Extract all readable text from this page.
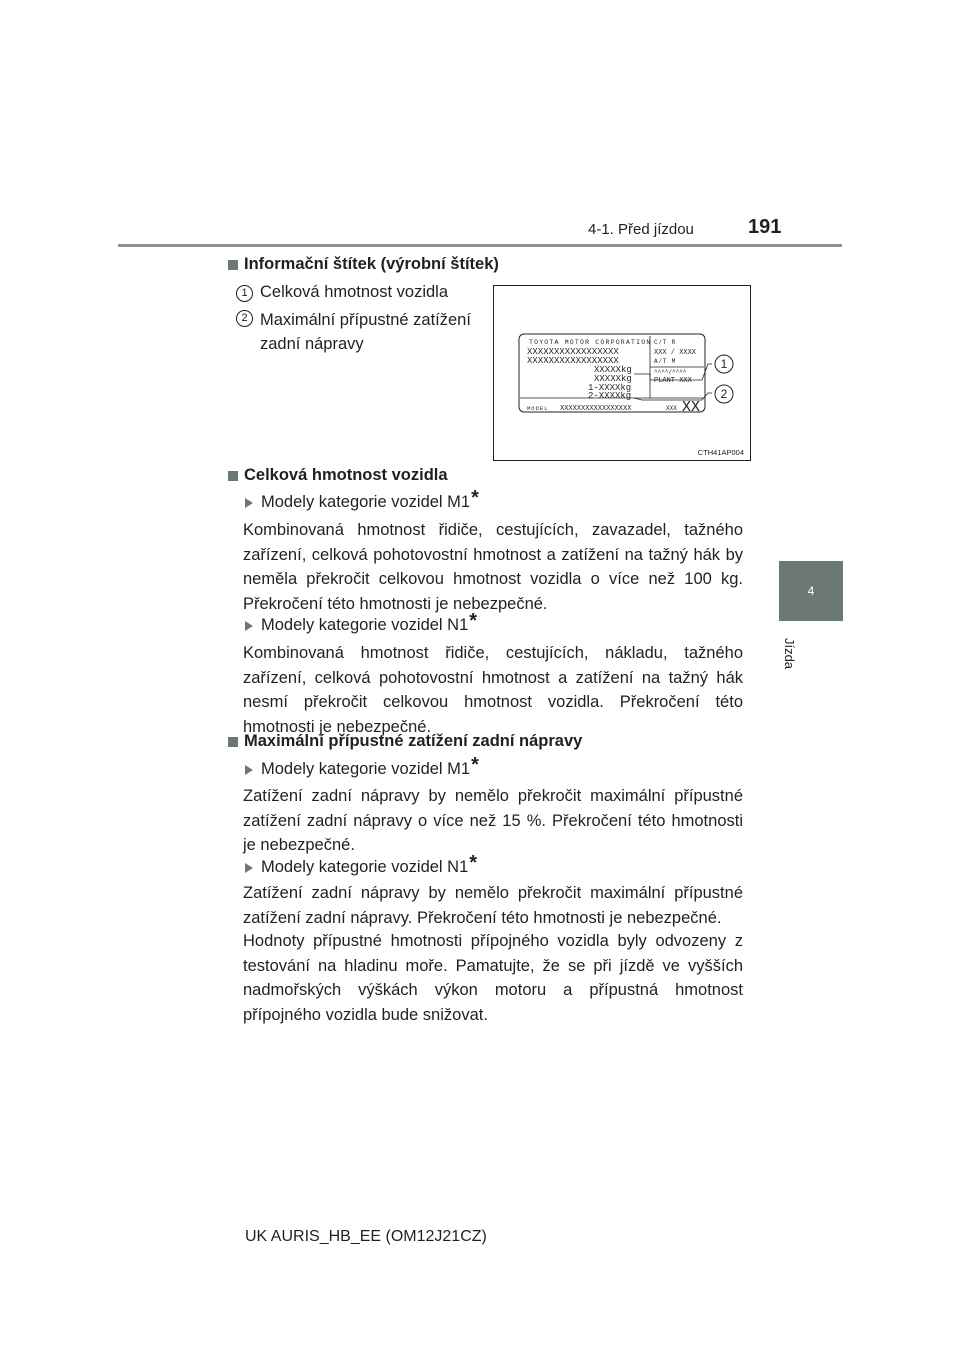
4-1. Před jízdou	191
4
Jízda
Informační štítek (výrobní štítek)
1 Celková hmotnost vozidla
2 Maximální přípustné zatížení
zadní nápravy	TOYOTA MOTOR CORPORATION
XXXXXXXXXXXXXXXXX
XXXXXXXXXXXXXXXXX
XXXXXkg
XXXXXkg
1-XXXXkg
2-XXXXkg
C/T R
XXX / XXXX
A/T M
^^^^/^^^^
PLANT XXX
MODEL XXXXXXXXXXXXXXXXX	XXX XX
1
2
CTH41AP004
Celková hmotnost vozidla
Modely kategorie vozidel M1*
Kombinovaná hmotnost řidiče, cestujících, zavazadel, tažného zařízení, celková pohotovostní hmotnost a zatížení na tažný hák by neměla překročit celkovou hmotnost vozidla o více než 100 kg. Překročení této hmotnosti je nebezpečné.
Modely kategorie vozidel N1*
Kombinovaná hmotnost řidiče, cestujících, nákladu, tažného zařízení, celková pohotovostní hmotnost a zatížení na tažný hák nesmí překročit celkovou hmotnost vozidla. Překročení této hmotnosti je nebezpečné.
Maximální přípustné zatížení zadní nápravy
Modely kategorie vozidel M1*
Zatížení zadní nápravy by nemělo překročit maximální přípustné zatížení zadní nápravy o více než 15 %. Překročení této hmotnosti je nebezpečné.
Modely kategorie vozidel N1*
Zatížení zadní nápravy by nemělo překročit maximální přípustné zatížení zadní nápravy. Překročení této hmotnosti je nebezpečné.
Hodnoty přípustné hmotnosti přípojného vozidla byly odvozeny z testování na hladinu moře. Pamatujte, že se při jízdě ve vyšších nadmořských výškách výkon motoru a přípustná hmotnost přípojného vozidla bude snižovat.
UK AURIS_HB_EE (OM12J21CZ)
